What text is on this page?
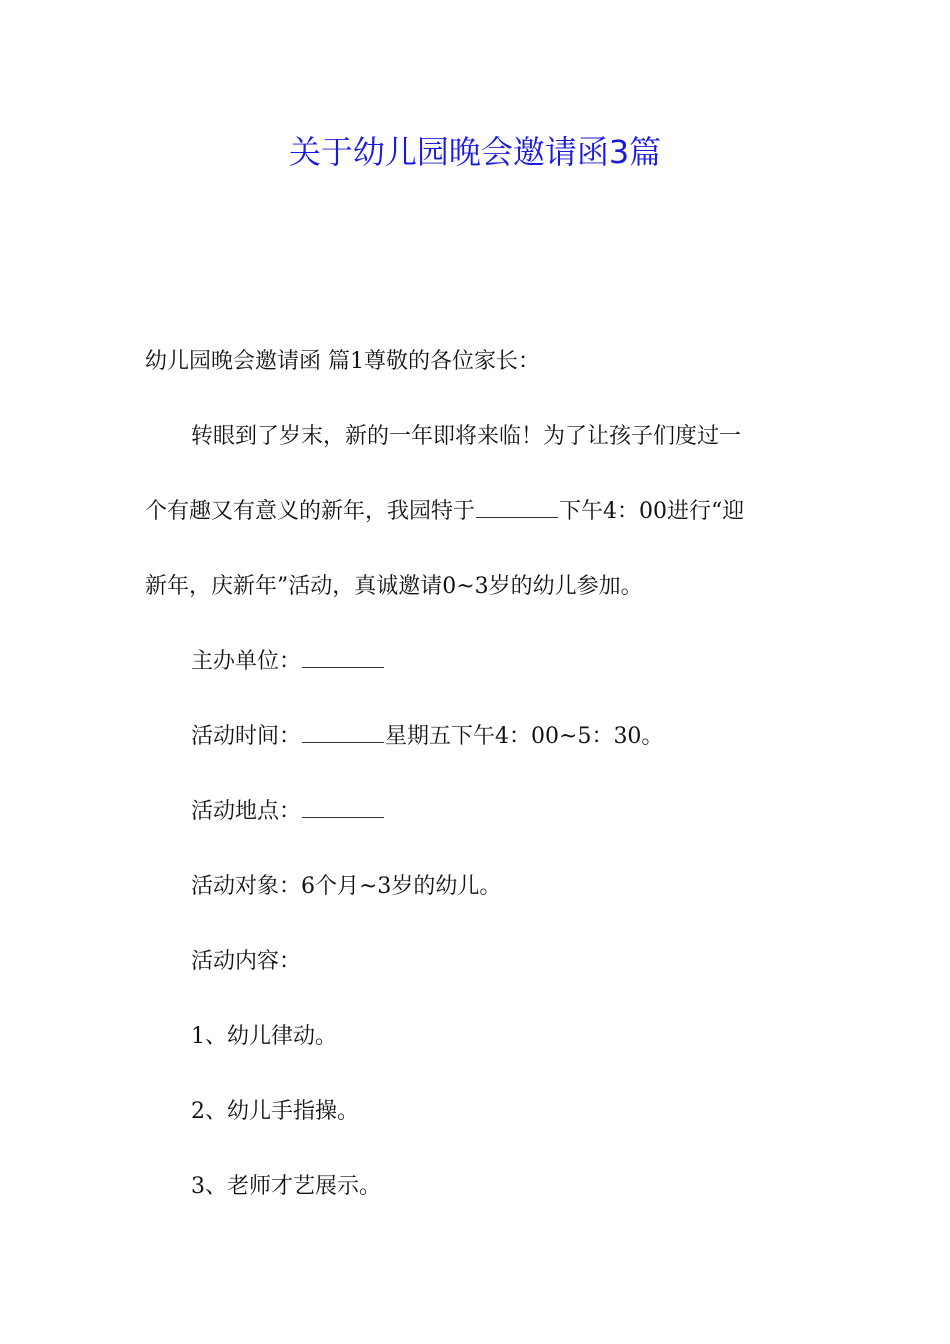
关于幼儿园晚会邀请函3篇
幼儿园晚会邀请函 篇1尊敬的各位家长：
转眼到了岁末，新的一年即将来临！为了让孩子们度过一
个有趣又有意义的新年，我园特于	下午4：00进行“迎
新年，庆新年”活动，真诚邀请0~3岁的幼儿参加。
主办单位：
活动时间：	星期五下午4：00~5：30。
活动地点：
活动对象：6个月~3岁的幼儿。
活动内容：
1、幼儿律动。
2、幼儿手指操。
3、老师才艺展示。
